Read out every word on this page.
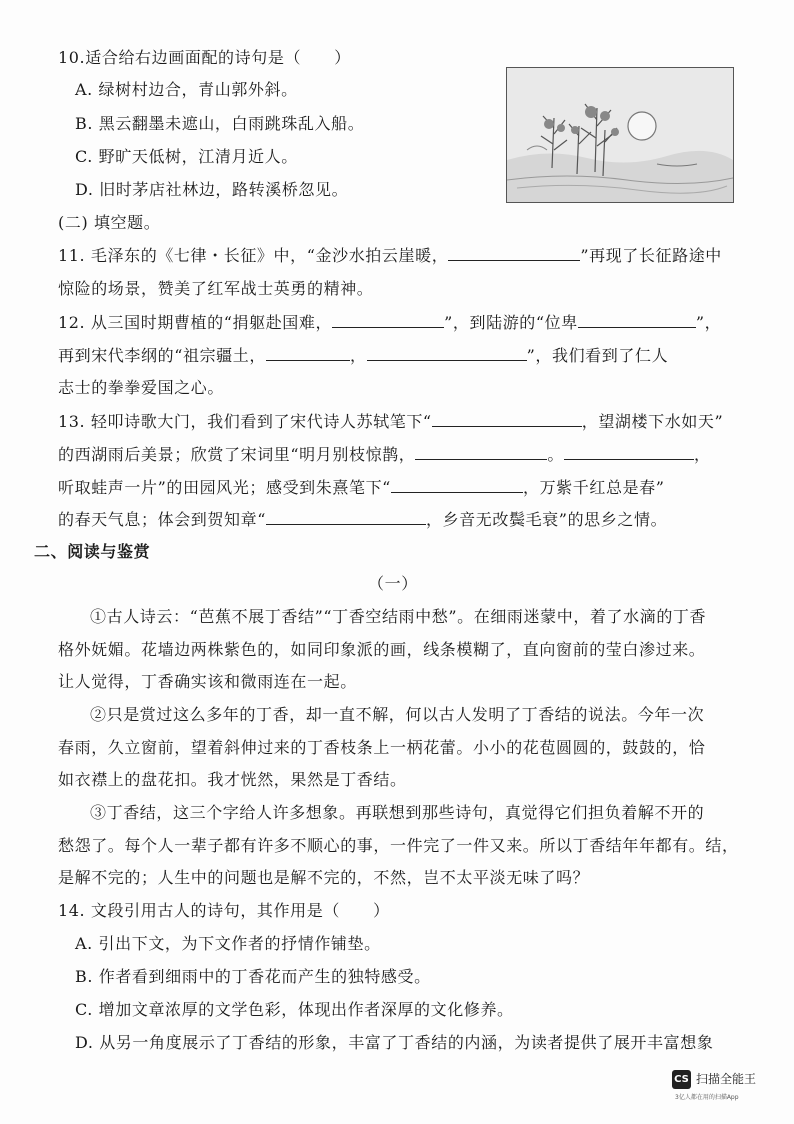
10.适合给右边画面配的诗句是（　　）
A. 绿树村边合，青山郭外斜。
B. 黑云翻墨未遮山，白雨跳珠乱入船。
C. 野旷天低树，江清月近人。
D. 旧时茅店社林边，路转溪桥忽见。
(二) 填空题。
11. 毛泽东的《七律・长征》中，“金沙水拍云崖暖，	”再现了长征路途中
惊险的场景，赞美了红军战士英勇的精神。
12. 从三国时期曹植的“捐躯赴国难，	”，到陆游的“位卑	”，
再到宋代李纲的“祖宗疆土，	，	”，我们看到了仁人
志士的拳拳爱国之心。
13. 轻叩诗歌大门，我们看到了宋代诗人苏轼笔下“	，望湖楼下水如天”
的西湖雨后美景；欣赏了宋词里“明月别枝惊鹊，	。	，
听取蛙声一片”的田园风光；感受到朱熹笔下“	，万紫千红总是春”
的春天气息；体会到贺知章“	，乡音无改鬓毛衰”的思乡之情。
二、阅读与鉴赏
（一）
①古人诗云：“芭蕉不展丁香结”“丁香空结雨中愁”。在细雨迷蒙中，着了水滴的丁香
格外妩媚。花墙边两株紫色的，如同印象派的画，线条模糊了，直向窗前的莹白渗过来。
让人觉得，丁香确实该和微雨连在一起。
②只是赏过这么多年的丁香，却一直不解，何以古人发明了丁香结的说法。今年一次
春雨，久立窗前，望着斜伸过来的丁香枝条上一柄花蕾。小小的花苞圆圆的，鼓鼓的，恰
如衣襟上的盘花扣。我才恍然，果然是丁香结。
③丁香结，这三个字给人许多想象。再联想到那些诗句，真觉得它们担负着解不开的
愁怨了。每个人一辈子都有许多不顺心的事，一件完了一件又来。所以丁香结年年都有。结，
是解不完的；人生中的问题也是解不完的，不然，岂不太平淡无味了吗？
14. 文段引用古人的诗句，其作用是（　　）
A. 引出下文，为下文作者的抒情作铺垫。
B. 作者看到细雨中的丁香花而产生的独特感受。
C. 增加文章浓厚的文学色彩，体现出作者深厚的文化修养。
D. 从另一角度展示了丁香结的形象，丰富了丁香结的内涵，为读者提供了展开丰富想象
CS 扫描全能王
3亿人都在用的扫描App
